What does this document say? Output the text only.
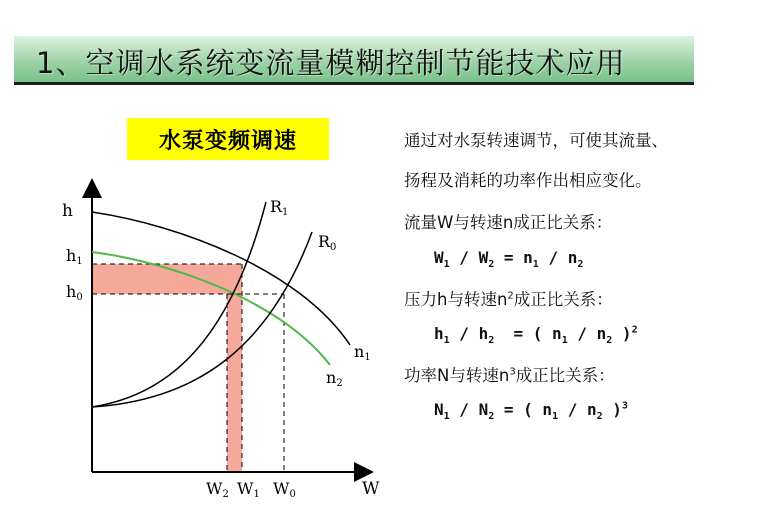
1、空调水系统变流量模糊控制节能技术应用
水泵变频调速
h
h1
h0
R1
R0
n1
n2
W2 W1 W0	W
通过对水泵转速调节，可使其流量、
扬程及消耗的功率作出相应变化。
流量W与转速n成正比关系：
$W_1 / W_2 = n_1 / n_2$
压力h与转速$n^2$成正比关系：
$h_1 / h_2$  = ( $n_1 / n_2$ )$^2$
功率N与转速$n^3$成正比关系：
$N_1 / N_2$ = ( $n_1 / n_2$ )$^3$
